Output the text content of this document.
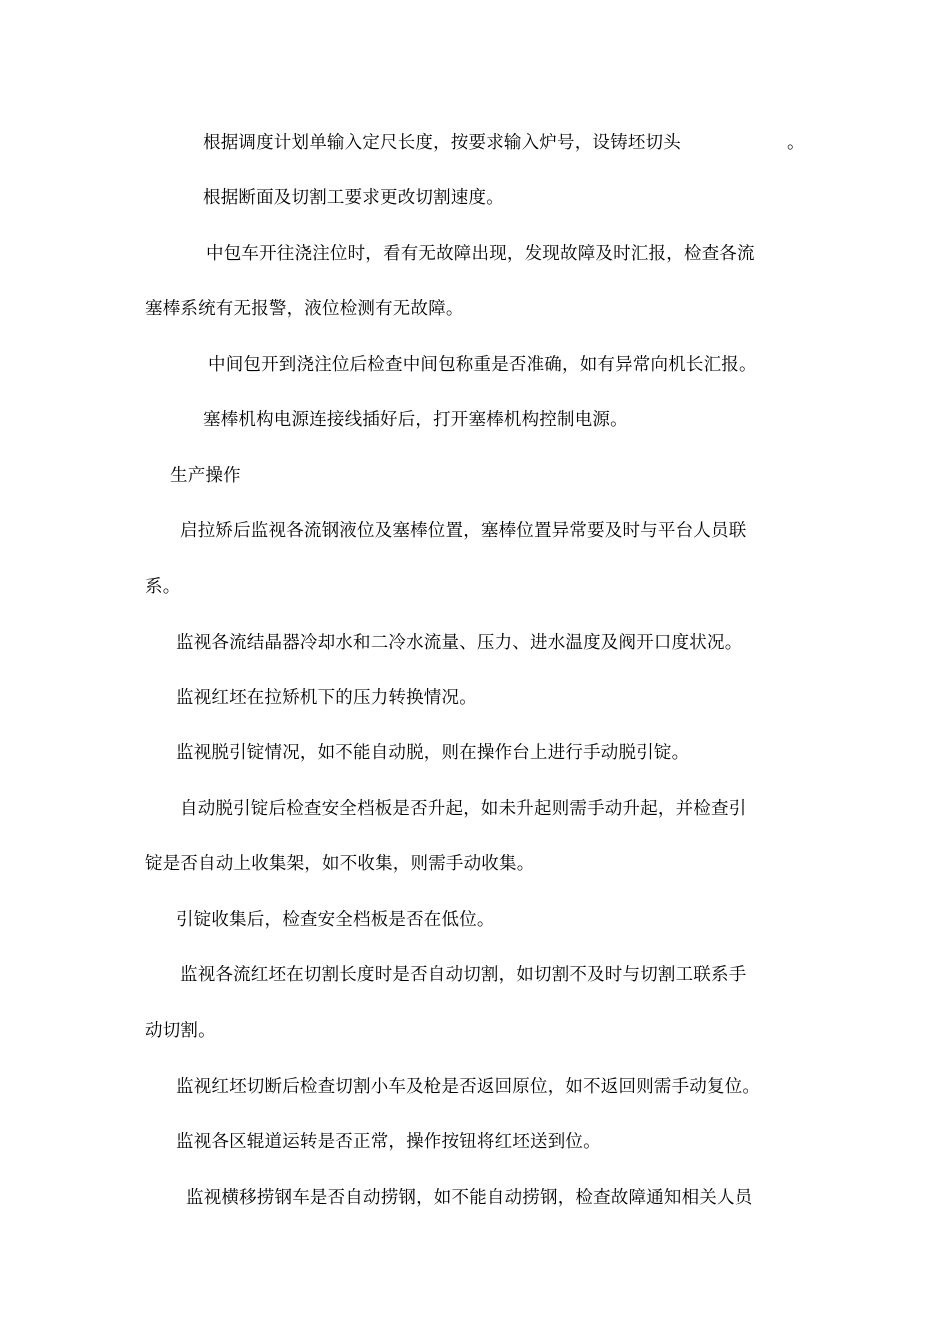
根据调度计划单输入定尺长度，按要求输入炉号，设铸坯切头	。
根据断面及切割工要求更改切割速度。
中包车开往浇注位时，看有无故障出现，发现故障及时汇报，检查各流
塞棒系统有无报警，液位检测有无故障。
中间包开到浇注位后检查中间包称重是否准确，如有异常向机长汇报。
塞棒机构电源连接线插好后，打开塞棒机构控制电源。
生产操作
启拉矫后监视各流钢液位及塞棒位置，塞棒位置异常要及时与平台人员联
系。
监视各流结晶器冷却水和二冷水流量、压力、进水温度及阀开口度状况。
监视红坯在拉矫机下的压力转换情况。
监视脱引锭情况，如不能自动脱，则在操作台上进行手动脱引锭。
自动脱引锭后检查安全档板是否升起，如未升起则需手动升起，并检查引
锭是否自动上收集架，如不收集，则需手动收集。
引锭收集后，检查安全档板是否在低位。
监视各流红坯在切割长度时是否自动切割，如切割不及时与切割工联系手
动切割。
监视红坯切断后检查切割小车及枪是否返回原位，如不返回则需手动复位。
监视各区辊道运转是否正常，操作按钮将红坯送到位。
监视横移捞钢车是否自动捞钢，如不能自动捞钢，检查故障通知相关人员
